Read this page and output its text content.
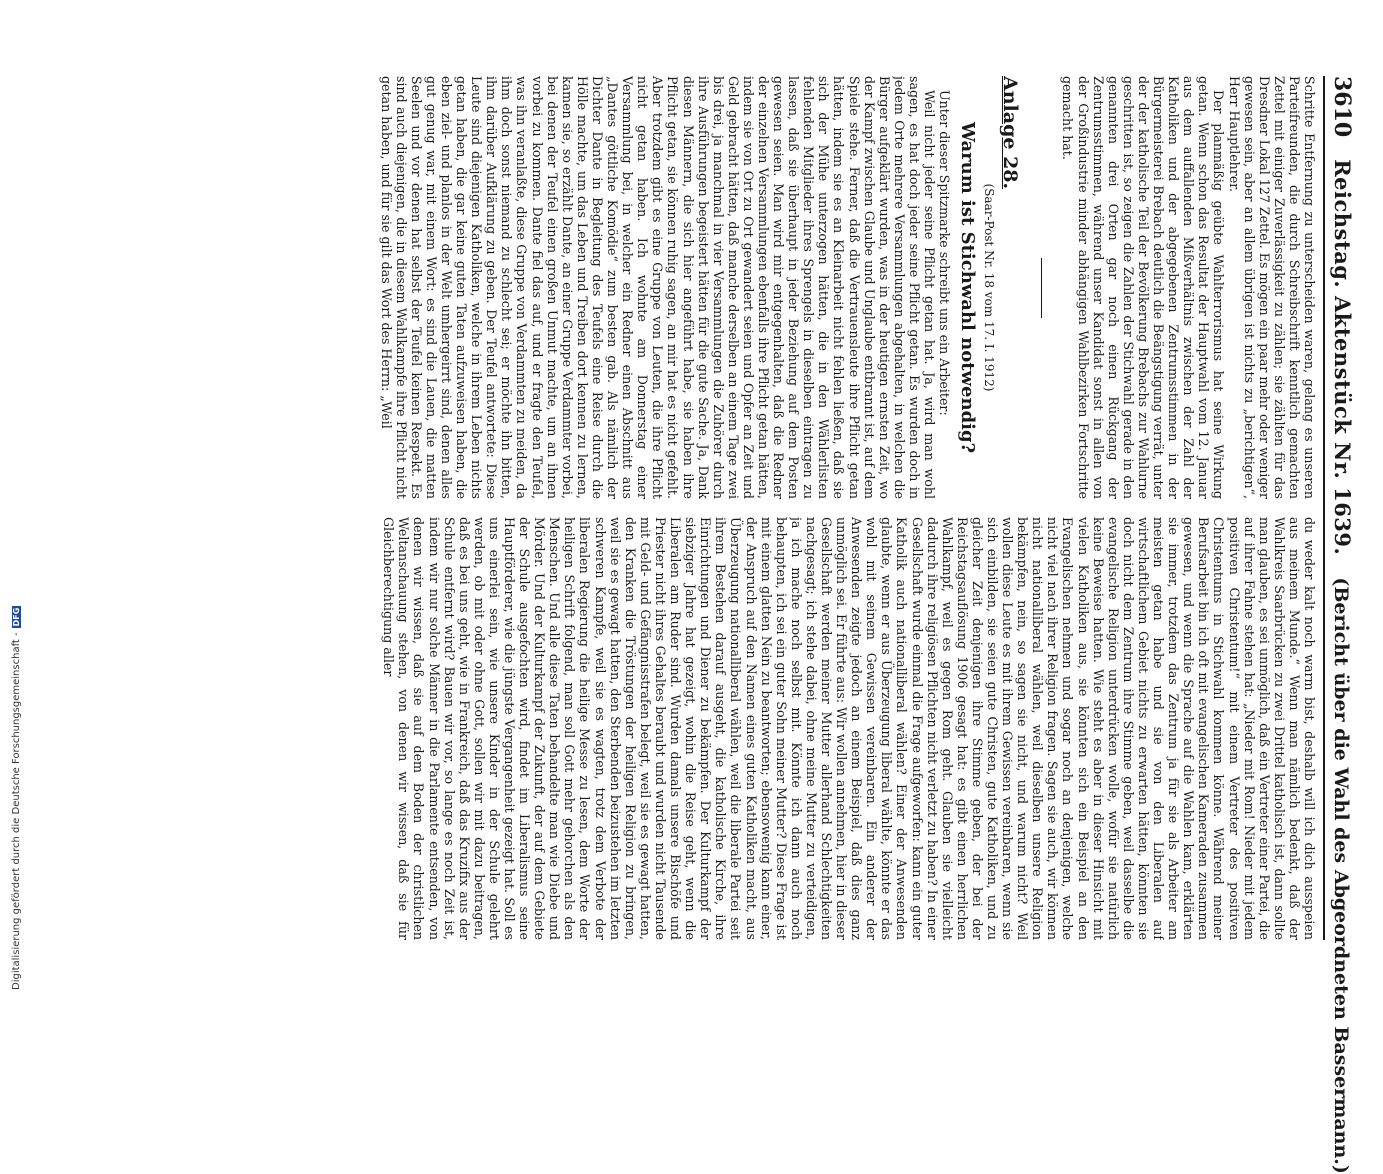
3610
Reichstag. Aktenstück Nr. 1639.
(Bericht über die Wahl des Abgeordneten Bassermann.)

Schritte Entfernung zu unterscheiden waren, gelang es unseren Parteifreunden, die durch Schreibschrift kenntlich gemachten Zettel mit einiger Zuverlässigkeit zu zählen; sie zählten für das Dresdner Lokal 127 Zettel. Es mögen ein paar mehr oder weniger gewesen sein, aber an allem übrigen ist nichts zu „berichtigen“, Herr Hauptlehrer.

Der planmäßig geübte Wahlterrorismus hat seine Wirkung getan. Wenn schon das Resultat der Hauptwahl vom 12. Januar aus dem auffallenden Mißverhältnis zwischen der Zahl der Katholiken und der abgegebenen Zentrumsstimmen in der Bürgermeisterei Brebach deutlich die Beängstigung verrät, unter der der katholische Teil der Bevölkerung Brebachs zur Wahlurne geschritten ist, so zeigen die Zahlen der Stichwahl gerade in den genannten drei Orten gar noch einen Rückgang der Zentrumsstimmen, während unser Kandidat sonst in allen von der Großindustrie minder abhängigen Wahlbezirken Fortschritte gemacht hat.

Anlage 28.
(Saar-Post Nr. 18 vom 17. I. 1912)
Warum ist Stichwahl notwendig?

Unter dieser Spitzmarke schreibt uns ein Arbeiter:

Weil nicht jeder seine Pflicht getan hat. Ja, wird man wohl sagen, es hat doch jeder seine Pflicht getan. Es wurden doch in jedem Orte mehrere Versammlungen abgehalten, in welchen die Bürger aufgeklärt wurden, was in der heutigen ernsten Zeit, wo der Kampf zwischen Glaube und Unglaube entbrannt ist, auf dem Spiele stehe. Ferner, daß die Vertrauensleute ihre Pflicht getan hätten, indem sie es an Kleinarbeit nicht fehlen ließen, daß sie sich der Mühe unterzogen hätten, die in den Wählerlisten fehlenden Mitglieder ihres Sprengels in dieselben eintragen zu lassen, daß sie überhaupt in jeder Beziehung auf dem Posten gewesen seien. Man wird mir entgegenhalten, daß die Redner der einzelnen Versammlungen ebenfalls ihre Pflicht getan hätten, indem sie von Ort zu Ort gewandert seien und Opfer an Zeit und Geld gebracht hätten, daß manche derselben an einem Tage zwei bis drei, ja manchmal in vier Versammlungen die Zuhörer durch ihre Ausführungen begeistert hätten für die gute Sache. Ja, Dank diesen Männern, die sich hier angeführt habe, sie haben ihre Pflicht getan, sie können ruhig sagen, an mir hat es nicht gefehlt. Aber trotzdem gibt es eine Gruppe von Leuten, die ihre Pflicht nicht getan haben. Ich wohnte am Donnerstag einer Versammlung bei, in welcher ein Redner einen Abschnitt aus „Dantes göttliche Komödie“ zum besten gab. Als nämlich der Dichter Dante in Begleitung des Teufels eine Reise durch die Hölle machte, um das Leben und Treiben dort kennen zu lernen, kamen sie, so erzählt Dante, an einer Gruppe Verdammter vorbei, bei denen der Teufel einen großen Unmut machte, um an ihnen vorbei zu kommen. Dante fiel das auf, und er fragte den Teufel, was ihn veranlaßte, diese Gruppe von Verdammten zu meiden, da ihm doch sonst niemand zu schlecht sei; er möchte ihn bitten, ihm darüber Aufklärung zu geben. Der Teufel antwortete: Diese Leute sind diejenigen Katholiken, welche in ihrem Leben nichts getan haben, die gar keine guten Taten aufzuweisen haben, die eben ziel- und planlos in der Welt umhergeirrt sind, denen alles gut genug war, mit einem Wort: es sind die Lauen, die matten Seelen und vor denen hat selbst der Teufel keinen Respekt. Es sind auch diejenigen, die in diesem Wahlkampfe ihre Pflicht nicht getan haben, und für sie gilt das Wort des Herrn: „Weil

du weder kalt noch warm bist, deshalb will ich dich ausspeien aus meinem Munde.“ Wenn man nämlich bedenkt, daß der Wahlkreis Saarbrücken zu zwei Drittel katholisch ist, dann sollte man glauben, es sei unmöglich, daß ein Vertreter einer Partei, die auf ihrer Fahne stehen hat: „Nieder mit Rom! Nieder mit jedem positiven Christentum!“ mit einem Vertreter des positiven Christentums in Stichwahl kommen könne. Während meiner Berufsarbeit bin ich oft mit evangelischen Kameraden zusammen gewesen, und wenn die Sprache auf die Wahlen kam, erklärten sie immer, trotzdem das Zentrum ja für sie als Arbeiter am meisten getan habe und sie von den Liberalen auf wirtschaftlichem Gebiet nichts zu erwarten hätten, könnten sie doch nicht dem Zentrum ihre Stimme geben, weil dasselbe die evangelische Religion unterdrücken wolle, wofür sie natürlich keine Beweise hatten. Wie steht es aber in dieser Hinsicht mit vielen Katholiken aus, sie könnten sich ein Beispiel an den Evangelischen nehmen und sogar noch an denjenigen, welche nicht viel nach ihrer Religion fragen. Sagen sie auch, wir können nicht nationalliberal wählen, weil dieselben unsere Religion bekämpfen, nein, so sagen sie nicht, und warum nicht? Weil wollen diese Leute es mit ihrem Gewissen vereinbaren, wenn sie sich einbilden, sie seien gute Christen, gute Katholiken, und zu gleicher Zeit denjenigen ihre Stimme geben, der bei der Reichstagsauflösung 1906 gesagt hat: es gibt einen herrlichen Wahlkampf, weil es gegen Rom geht. Glauben sie vielleicht dadurch ihre religiösen Pflichten nicht verletzt zu haben? In einer Gesellschaft wurde einmal die Frage aufgeworfen: kann ein guter Katholik auch nationalliberal wählen? Einer der Anwesenden glaubte, wenn er aus Überzeugung liberal wählte, könnte er das wohl mit seinem Gewissen vereinbaren. Ein anderer der Anwesenden zeigte jedoch an einem Beispiel, daß dies ganz unmöglich sei. Er führte aus: Wir wollen annehmen, hier in dieser Gesellschaft werden meiner Mutter allerhand Schlechtigkeiten nachgesagt; ich stehe dabei, ohne meine Mutter zu verteidigen, ja ich mache noch selbst mit. Könnte ich dann auch noch behaupten, ich sei ein guter Sohn meiner Mutter? Diese Frage ist mit einem glatten Nein zu beantworten; ebensowenig kann einer, der Anspruch auf den Namen eines guten Katholiken macht, aus Überzeugung nationalliberal wählen, weil die liberale Partei seit ihrem Bestehen darauf ausgeht, die katholische Kirche, ihre Einrichtungen und Diener zu bekämpfen. Der Kulturkampf der siebziger Jahre hat gezeigt, wohin die Reise geht, wenn die Liberalen am Ruder sind. Wurden damals unsere Bischöfe und Priester nicht ihres Gehaltes beraubt und wurden nicht Tausende mit Geld- und Gefängnisstrafen belegt, weil sie es gewagt hatten, den Kranken die Tröstungen der heiligen Religion zu bringen, weil sie es gewagt hatten, den Sterbenden beizustehen im letzten schweren Kampfe, weil sie es wagten, trotz dem Verbote der liberalen Regierung die heilige Messe zu lesen, dem Worte der heiligen Schrift folgend, man soll Gott mehr gehorchen als den Menschen. Und alle diese Taten behandelte man wie Diebe und Mörder. Und der Kulturkampf der Zukunft, der auf dem Gebiete der Schule ausgefochten wird, findet im Liberalismus seine Hauptförderer, wie die jüngste Vergangenheit gezeigt hat. Soll es uns einerlei sein, wie unsere Kinder in der Schule gelehrt werden, ob mit oder ohne Gott, sollen wir mit dazu beitragen, daß es bei uns geht, wie in Frankreich, daß das Kruzifix aus der Schule entfernt wird? Bauen wir vor, so lange es noch Zeit ist, indem wir nur solche Männer in die Parlamente entsenden, von denen wir wissen, daß sie auf dem Boden der christlichen Weltanschauung stehen, von denen wir wissen, daß sie für Gleichberechtigung aller

Digitalisierung gefördert durch die Deutsche Forschungsgemeinschaft -DFG
